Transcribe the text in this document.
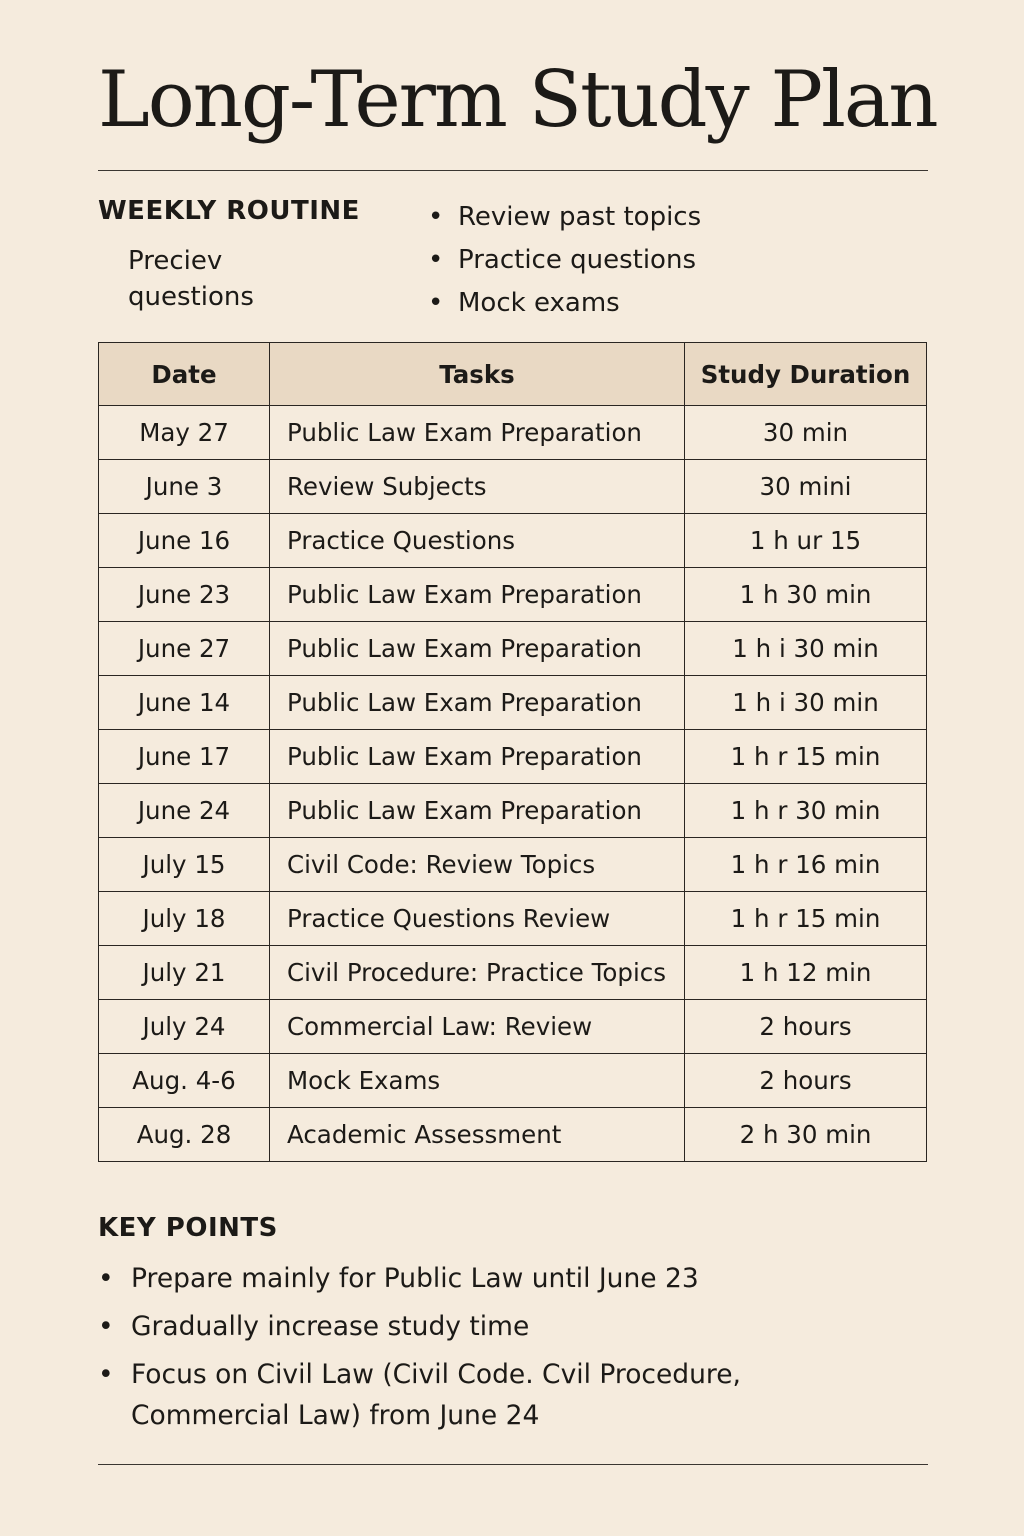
Long-Term Study Plan
WEEKLY ROUTINE
Preciev questions
• Review past topics
• Practice questions
• Mock exams
Date	Tasks	Study Duration
May 27	Public Law Exam Preparation	30 min
June 3	Review Subjects	30 mini
June 16	Practice Questions	1 h ur 15
June 23	Public Law Exam Preparation	1 h 30 min
June 27	Public Law Exam Preparation	1 h i 30 min
June 14	Public Law Exam Preparation	1 h i 30 min
June 17	Public Law Exam Preparation	1 h r 15 min
June 24	Public Law Exam Preparation	1 h r 30 min
July 15	Civil Code: Review Topics	1 h r 16 min
July 18	Practice Questions Review	1 h r 15 min
July 21	Civil Procedure: Practice Topics	1 h 12 min
July 24	Commercial Law: Review	2 hours
Aug. 4-6	Mock Exams	2 hours
Aug. 28	Academic Assessment	2 h 30 min
KEY POINTS
• Prepare mainly for Public Law until June 23
• Gradually increase study time
• Focus on Civil Law (Civil Code. Cvil Procedure, Commercial Law) from June 24
